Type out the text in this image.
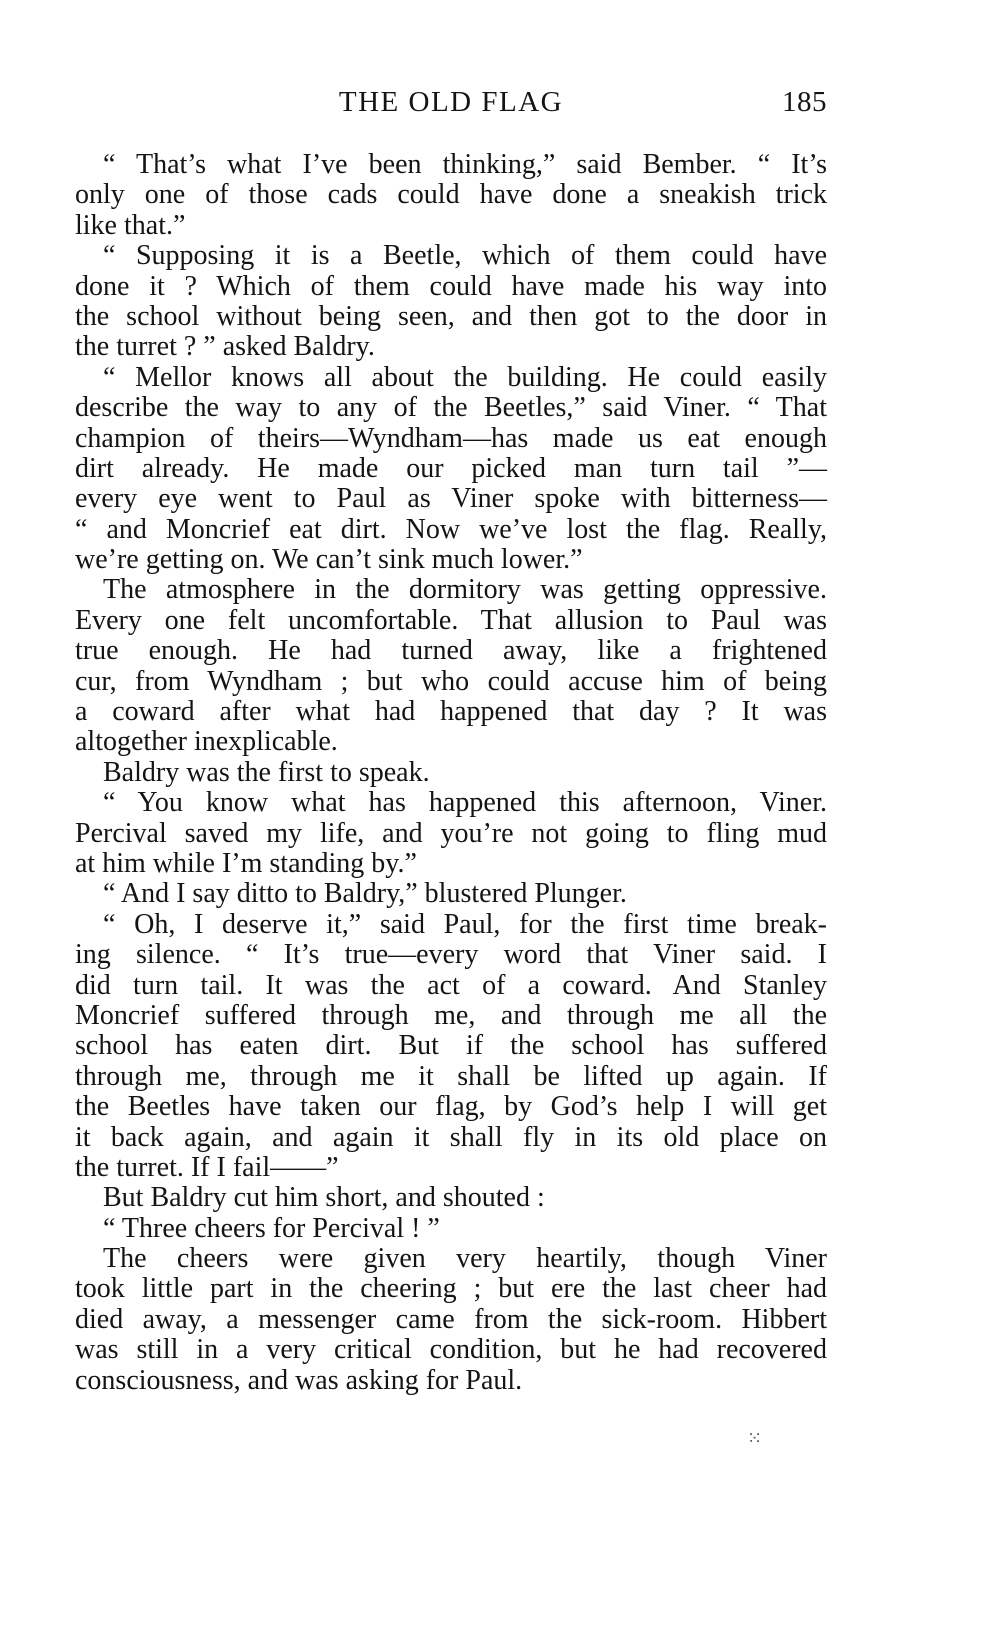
THE OLD FLAG	185
“ That’s what I’ve been thinking,” said Bember. “ It’s
only one of those cads could have done a sneakish trick
like that.”
“ Supposing it is a Beetle, which of them could have
done it ? Which of them could have made his way into
the school without being seen, and then got to the door in
the turret ? ” asked Baldry.
“ Mellor knows all about the building. He could easily
describe the way to any of the Beetles,” said Viner. “ That
champion of theirs—Wyndham—has made us eat enough
dirt already. He made our picked man turn tail ”—
every eye went to Paul as Viner spoke with bitterness—
“ and Moncrief eat dirt. Now we’ve lost the flag. Really,
we’re getting on. We can’t sink much lower.”
The atmosphere in the dormitory was getting oppressive.
Every one felt uncomfortable. That allusion to Paul was
true enough. He had turned away, like a frightened
cur, from Wyndham ; but who could accuse him of being
a coward after what had happened that day ? It was
altogether inexplicable.
Baldry was the first to speak.
“ You know what has happened this afternoon, Viner.
Percival saved my life, and you’re not going to fling mud
at him while I’m standing by.”
“ And I say ditto to Baldry,” blustered Plunger.
“ Oh, I deserve it,” said Paul, for the first time break-
ing silence. “ It’s true—every word that Viner said. I
did turn tail. It was the act of a coward. And Stanley
Moncrief suffered through me, and through me all the
school has eaten dirt. But if the school has suffered
through me, through me it shall be lifted up again. If
the Beetles have taken our flag, by God’s help I will get
it back again, and again it shall fly in its old place on
the turret. If I fail——”
But Baldry cut him short, and shouted :
“ Three cheers for Percival ! ”
The cheers were given very heartily, though Viner
took little part in the cheering ; but ere the last cheer had
died away, a messenger came from the sick-room. Hibbert
was still in a very critical condition, but he had recovered
consciousness, and was asking for Paul.
⁙
